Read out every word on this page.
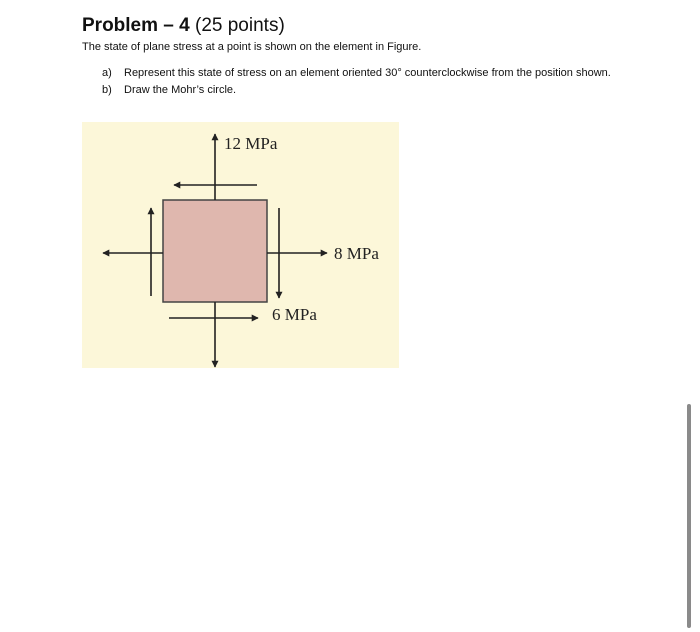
Problem – 4 (25 points)
The state of plane stress at a point is shown on the element in Figure.
a) Represent this state of stress on an element oriented 30° counterclockwise from the position shown.
b) Draw the Mohr’s circle.
12 MPa
8 MPa
6 MPa
